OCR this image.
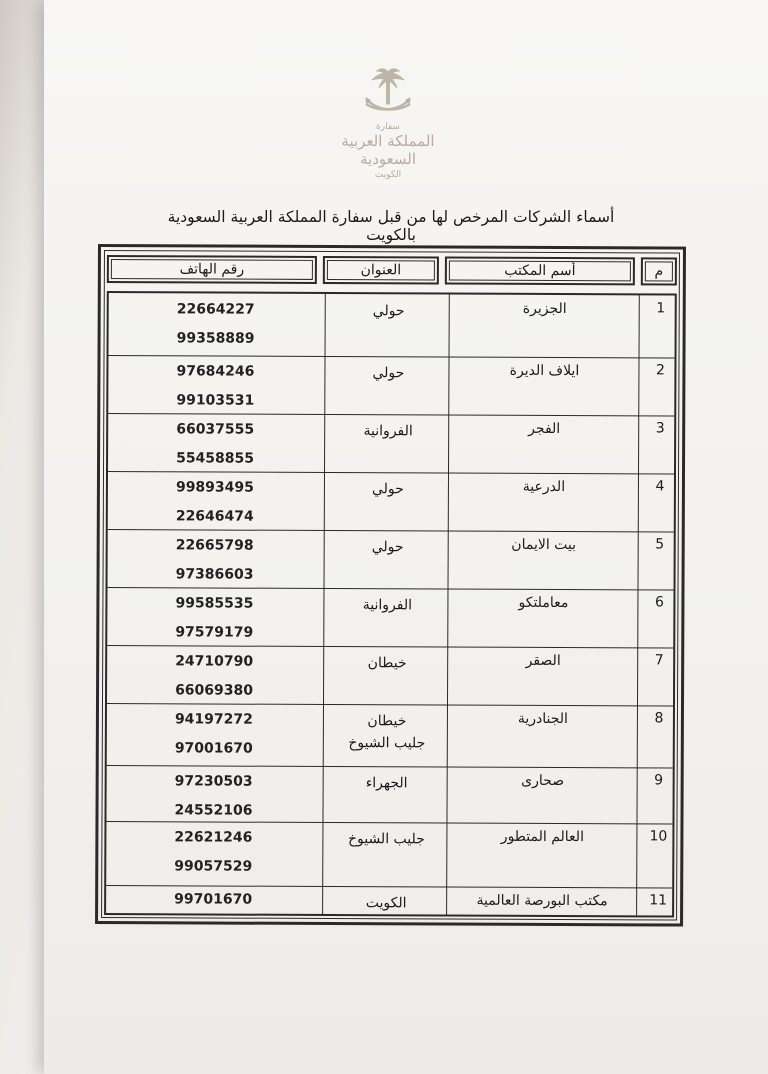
سفارة
المملكة العربية السعودية
الكويت
أسماء الشركات المرخص لها من قبل سفارة المملكة العربية السعودية بالكويت
م
أسم المكتب
العنوان
رقم الهاتف
1
الجزيرة
حولي
22664227
99358889
2
ايلاف الديرة
حولي
97684246
99103531
3
الفجر
الفروانية
66037555
55458855
4
الدرعية
حولي
99893495
22646474
5
بيت الايمان
حولي
22665798
97386603
6
معاملتكو
الفروانية
99585535
97579179
7
الصقر
خيطان
24710790
66069380
8
الجنادرية
خيطان
جليب الشيوخ
94197272
97001670
9
صحارى
الجهراء
97230503
24552106
10
العالم المتطور
جليب الشيوخ
22621246
99057529
11
مكتب البورصة العالمية
الكويت
99701670
